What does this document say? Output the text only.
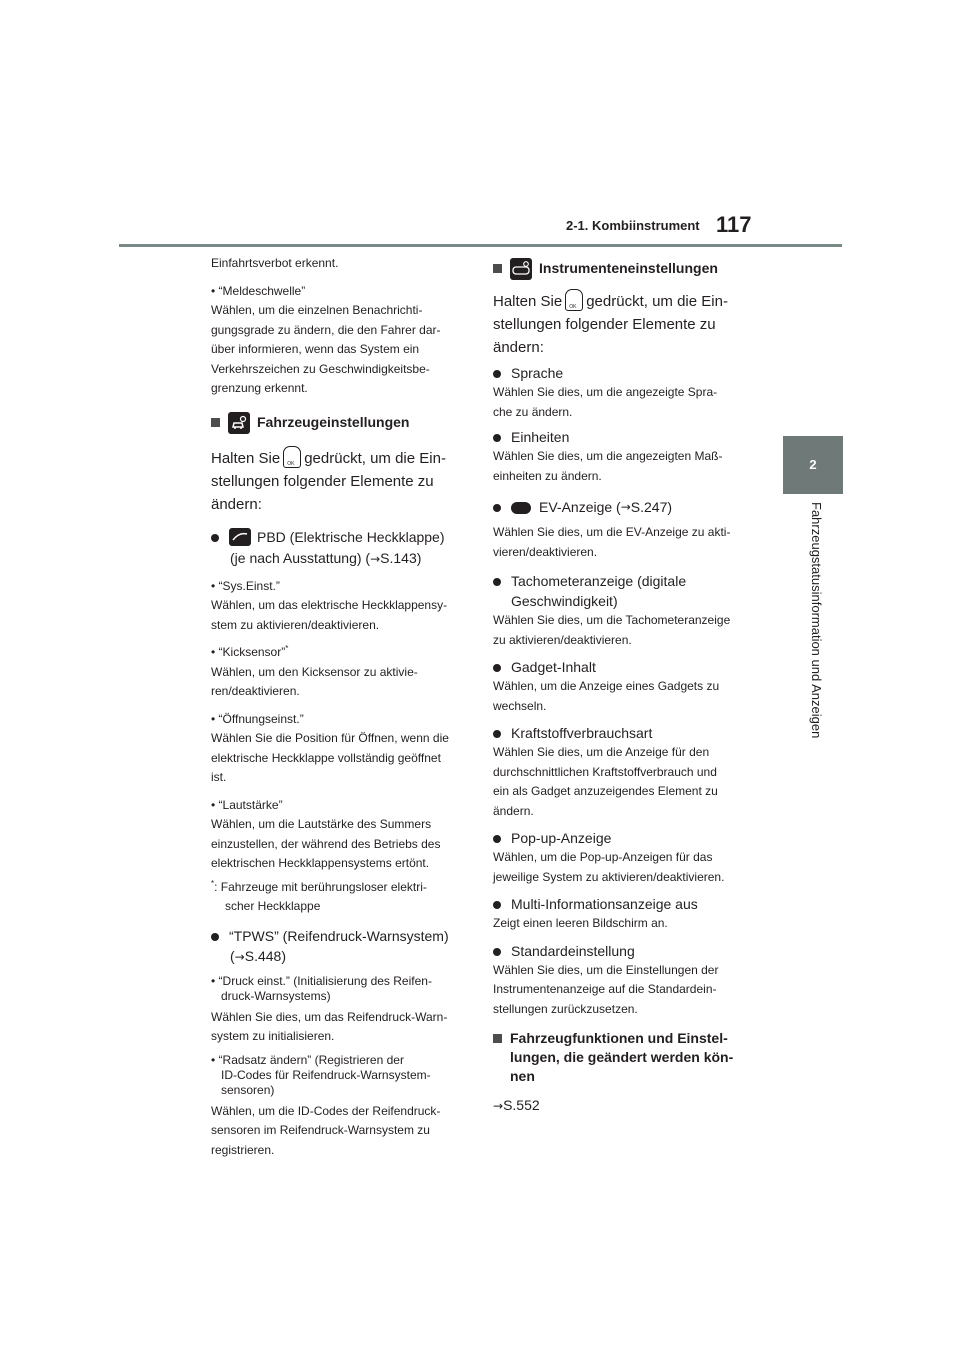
2-1. Kombiinstrument 117
2
Fahrzeugstatusinformation und Anzeigen

Einfahrtsverbot erkennt.

• “Meldeschwelle”

Wählen, um die einzelnen Benachrichti-

gungsgrade zu ändern, die den Fahrer dar-

über informieren, wenn das System ein

Verkehrszeichen zu Geschwindigkeitsbe-

grenzung erkennt.

Fahrzeugeinstellungen

Halten Sie OK gedrückt, um die Ein-

stellungen folgender Elemente zu

ändern:

PBD (Elektrische Heckklappe)

(je nach Ausstattung) (→S.143)

• “Sys.Einst.”

Wählen, um das elektrische Heckklappensy-

stem zu aktivieren/deaktivieren.

• “Kicksensor”*

Wählen, um den Kicksensor zu aktivie-

ren/deaktivieren.

• “Öffnungseinst.”

Wählen Sie die Position für Öffnen, wenn die

elektrische Heckklappe vollständig geöffnet

ist.

• “Lautstärke”

Wählen, um die Lautstärke des Summers

einzustellen, der während des Betriebs des

elektrischen Heckklappensystems ertönt.

*: Fahrzeuge mit berührungsloser elektri-

scher Heckklappe

“TPWS” (Reifendruck-Warnsystem)

(→S.448)

• “Druck einst.” (Initialisierung des Reifen-
druck-Warnsystems)

Wählen Sie dies, um das Reifendruck-Warn-

system zu initialisieren.

• “Radsatz ändern” (Registrieren der
ID-Codes für Reifendruck-Warnsystem-
sensoren)

Wählen, um die ID-Codes der Reifendruck-

sensoren im Reifendruck-Warnsystem zu

registrieren.

Instrumenteneinstellungen

Halten Sie OK gedrückt, um die Ein-

stellungen folgender Elemente zu

ändern:

Sprache

Wählen Sie dies, um die angezeigte Spra-

che zu ändern.

Einheiten

Wählen Sie dies, um die angezeigten Maß-

einheiten zu ändern.

EV-Anzeige ( → S.247)

Wählen Sie dies, um die EV-Anzeige zu akti-

vieren/deaktivieren.

Tachometeranzeige (digitale

Geschwindigkeit)

Wählen Sie dies, um die Tachometeranzeige

zu aktivieren/deaktivieren.

Gadget-Inhalt

Wählen, um die Anzeige eines Gadgets zu

wechseln.

Kraftstoffverbrauchsart

Wählen Sie dies, um die Anzeige für den

durchschnittlichen Kraftstoffverbrauch und

ein als Gadget anzuzeigendes Element zu

ändern.

Pop-up-Anzeige

Wählen, um die Pop-up-Anzeigen für das

jeweilige System zu aktivieren/deaktivieren.

Multi-Informationsanzeige aus

Zeigt einen leeren Bildschirm an.

Standardeinstellung

Wählen Sie dies, um die Einstellungen der

Instrumentenanzeige auf die Standardein-

stellungen zurückzusetzen.

Fahrzeugfunktionen und Einstel-
lungen, die geändert werden kön-
nen

→S.552
